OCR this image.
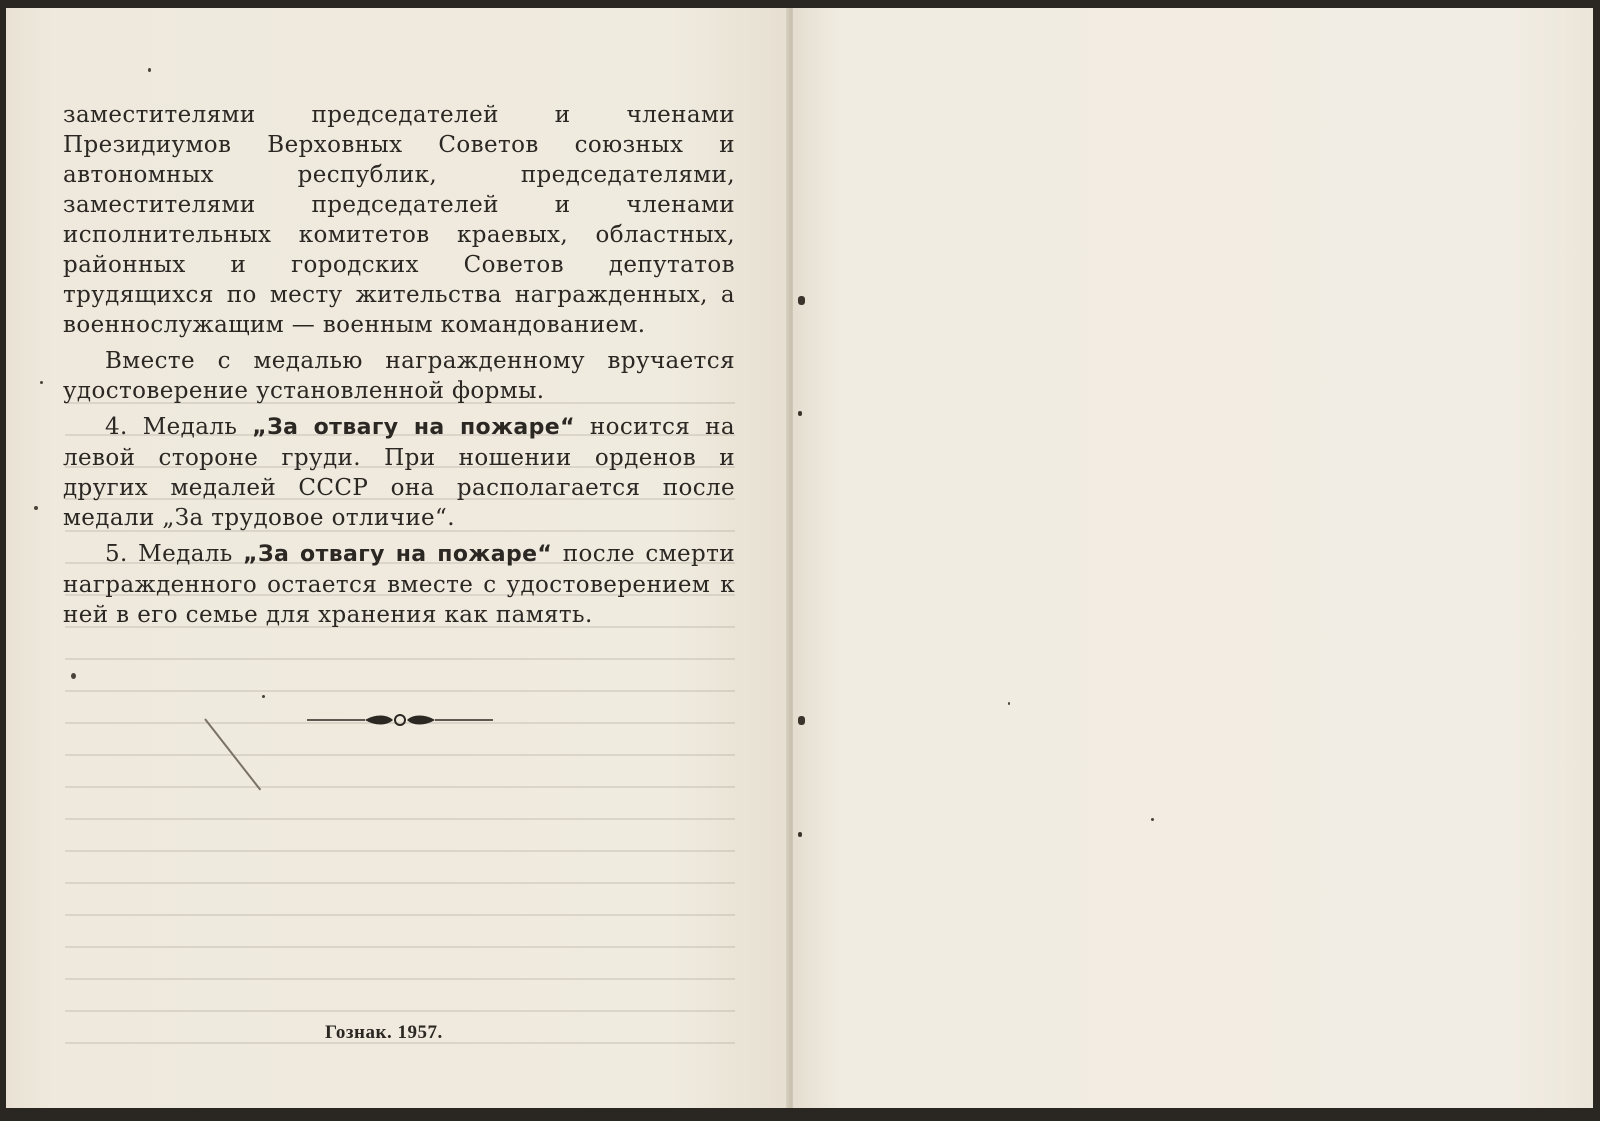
заместителями председателей и членами Президиумов Верховных Советов союзных и автономных республик, председателями, заместителями председателей и членами исполнительных комитетов краевых, областных, районных и городских Советов депутатов трудящихся по месту жительства награжденных, а военнослужащим — военным командованием.

Вместе с медалью награжденному вручается удостоверение установленной формы.

4. Медаль „За отвагу на пожаре“ носится на левой стороне груди. При ношении орденов и других медалей СССР она располагается после медали „За трудовое отличие“.

5. Медаль „За отвагу на пожаре“ после смерти награжденного остается вместе с удостоверением к ней в его семье для хранения как память.

Гознак. 1957.
